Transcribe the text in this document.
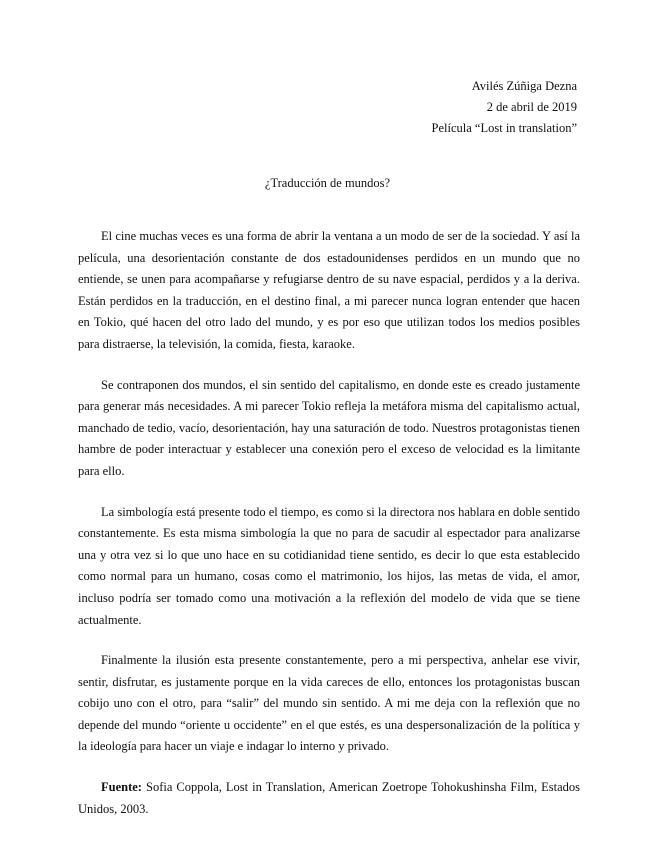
Avilés Zúñiga Dezna
2 de abril de 2019
Película “Lost in translation”
¿Traducción de mundos?

El cine muchas veces es una forma de abrir la ventana a un modo de ser de la sociedad. Y así la película, una desorientación constante de dos estadounidenses perdidos en un mundo que no entiende, se unen para acompañarse y refugiarse dentro de su nave espacial, perdidos y a la deriva. Están perdidos en la traducción, en el destino final, a mi parecer nunca logran entender que hacen en Tokio, qué hacen del otro lado del mundo, y es por eso que utilizan todos los medios posibles para distraerse, la televisión, la comida, fiesta, karaoke.

Se contraponen dos mundos, el sin sentido del capitalismo, en donde este es creado justamente para generar más necesidades. A mi parecer Tokio refleja la metáfora misma del capitalismo actual, manchado de tedio, vacío, desorientación, hay una saturación de todo. Nuestros protagonistas tienen hambre de poder interactuar y establecer una conexión pero el exceso de velocidad es la limitante para ello.

La simbología está presente todo el tiempo, es como si la directora nos hablara en doble sentido constantemente. Es esta misma simbología la que no para de sacudir al espectador para analizarse una y otra vez si lo que uno hace en su cotidianidad tiene sentido, es decir lo que esta establecido como normal para un humano, cosas como el matrimonio, los hijos, las metas de vida, el amor, incluso podría ser tomado como una motivación a la reflexión del modelo de vida que se tiene actualmente.

Finalmente la ilusión esta presente constantemente, pero a mi perspectiva, anhelar ese vivir, sentir, disfrutar, es justamente porque en la vida careces de ello, entonces los protagonistas buscan cobijo uno con el otro, para “salir” del mundo sin sentido. A mi me deja con la reflexión que no depende del mundo “oriente u occidente” en el que estés, es una despersonalización de la política y la ideología para hacer un viaje e indagar lo interno y privado.

Fuente: Sofia Coppola, Lost in Translation, American Zoetrope Tohokushinsha Film, Estados Unidos, 2003.
